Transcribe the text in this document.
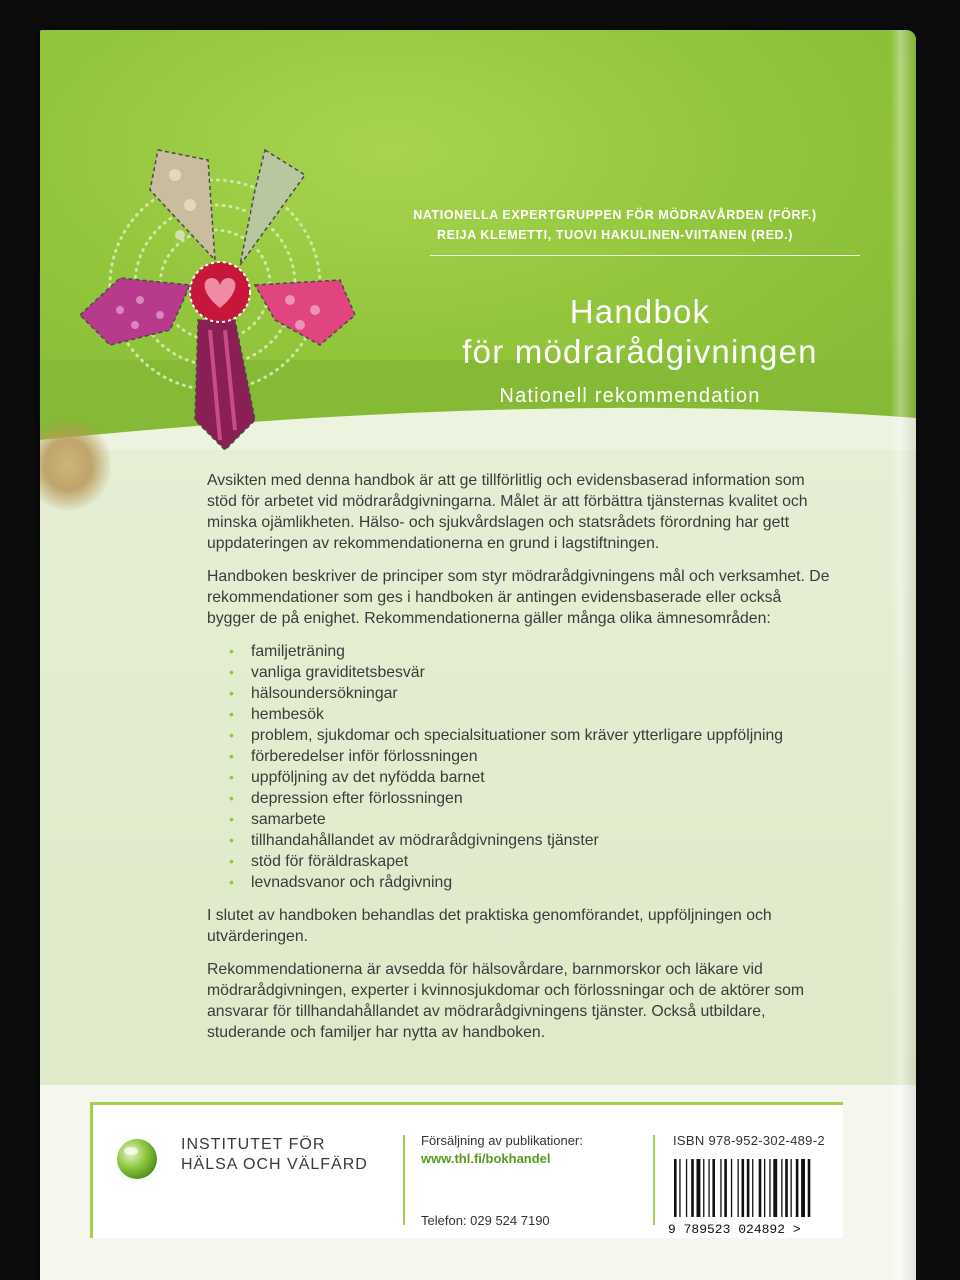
NATIONELLA EXPERTGRUPPEN FÖR MÖDRAVÅRDEN (FÖRF.)
REIJA KLEMETTI, TUOVI HAKULINEN-VIITANEN (RED.)
Handbok
för mödrarådgivningen
Nationell rekommendation

Avsikten med denna handbok är att ge tillförlitlig och evidensbaserad information som stöd för arbetet vid mödrarådgivningarna. Målet är att förbättra tjänsternas kvalitet och minska ojämlikheten. Hälso- och sjukvårdslagen och statsrådets förordning har gett uppdateringen av rekommendationerna en grund i lagstiftningen.

Handboken beskriver de principer som styr mödrarådgivningens mål och verksamhet. De rekommendationer som ges i handboken är antingen evidensbaserade eller också bygger de på enighet. Rekommendationerna gäller många olika ämnesområden:

• familjeträning
• vanliga graviditetsbesvär
• hälsoundersökningar
• hembesök
• problem, sjukdomar och specialsituationer som kräver ytterligare uppföljning
• förberedelser inför förlossningen
• uppföljning av det nyfödda barnet
• depression efter förlossningen
• samarbete
• tillhandahållandet av mödrarådgivningens tjänster
• stöd för föräldraskapet
• levnadsvanor och rådgivning

I slutet av handboken behandlas det praktiska genomförandet, uppföljningen och utvärderingen.

Rekommendationerna är avsedda för hälsovårdare, barnmorskor och läkare vid mödrarådgivningen, experter i kvinnosjukdomar och förlossningar och de aktörer som ansvarar för tillhandahållandet av mödrarådgivningens tjänster. Också utbildare, studerande och familjer har nytta av handboken.

INSTITUTET FÖR
HÄLSA OCH VÄLFÄRD
Försäljning av publikationer:
www.thl.fi/bokhandel
Telefon: 029 524 7190
ISBN 978-952-302-489-2
9 789523 024892 >
